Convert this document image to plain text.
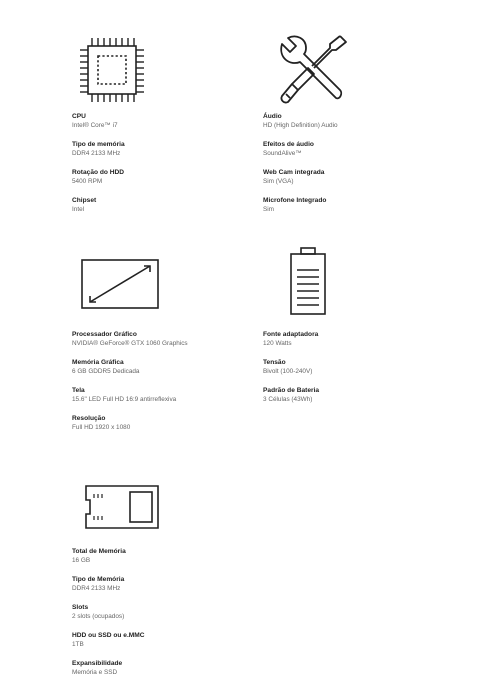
CPU
Intel® Core™ i7
Tipo de memória
DDR4 2133 MHz
Rotação do HDD
5400 RPM
Chipset
Intel
Áudio
HD (High Definition) Audio
Efeitos de áudio
SoundAlive™
Web Cam integrada
Sim (VGA)
Microfone Integrado
Sim
Processador Gráfico
NVIDIA® GeForce® GTX 1060 Graphics
Memória Gráfica
6 GB GDDR5 Dedicada
Tela
15.6" LED Full HD 16:9 antirreflexiva
Resolução
Full HD 1920 x 1080
Fonte adaptadora
120 Watts
Tensão
Bivolt (100-240V)
Padrão de Bateria
3 Células (43Wh)
Total de Memória
16 GB
Tipo de Memória
DDR4 2133 MHz
Slots
2 slots (ocupados)
HDD ou SSD ou e.MMC
1TB
Expansibilidade
Memória e SSD
